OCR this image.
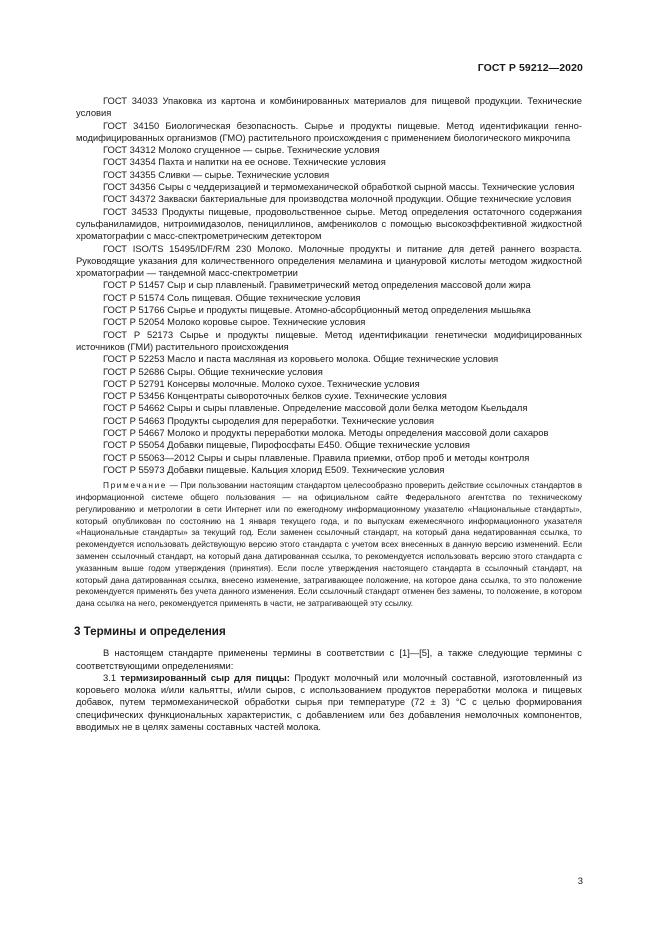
ГОСТ Р 59212—2020

ГОСТ 34033 Упаковка из картона и комбинированных материалов для пищевой продукции. Технические условия

ГОСТ 34150 Биологическая безопасность. Сырье и продукты пищевые. Метод идентификации генно-модифицированных организмов (ГМО) растительного происхождения с применением биологического микрочипа

ГОСТ 34312 Молоко сгущенное — сырье. Технические условия

ГОСТ 34354 Пахта и напитки на ее основе. Технические условия

ГОСТ 34355 Сливки — сырье. Технические условия

ГОСТ 34356 Сыры с чеддеризацией и термомеханической обработкой сырной массы. Технические условия

ГОСТ 34372 Закваски бактериальные для производства молочной продукции. Общие технические условия

ГОСТ 34533 Продукты пищевые, продовольственное сырье. Метод определения остаточного содержания сульфаниламидов, нитроимидазолов, пенициллинов, амфениколов с помощью высокоэффективной жидкостной хроматографии с масс-спектрометрическим детектором

ГОСТ ISO/TS 15495/IDF/RM 230 Молоко. Молочные продукты и питание для детей раннего возраста. Руководящие указания для количественного определения меламина и циануровой кислоты методом жидкостной хроматографии — тандемной масс-спектрометрии

ГОСТ Р 51457 Сыр и сыр плавленый. Гравиметрический метод определения массовой доли жира

ГОСТ Р 51574 Соль пищевая. Общие технические условия

ГОСТ Р 51766 Сырье и продукты пищевые. Атомно-абсорбционный метод определения мышьяка

ГОСТ Р 52054 Молоко коровье сырое. Технические условия

ГОСТ Р 52173 Сырье и продукты пищевые. Метод идентификации генетически модифицированных источников (ГМИ) растительного происхождения

ГОСТ Р 52253 Масло и паста масляная из коровьего молока. Общие технические условия

ГОСТ Р 52686 Сыры. Общие технические условия

ГОСТ Р 52791 Консервы молочные. Молоко сухое. Технические условия

ГОСТ Р 53456 Концентраты сывороточных белков сухие. Технические условия

ГОСТ Р 54662 Сыры и сыры плавленые. Определение массовой доли белка методом Кьельдаля

ГОСТ Р 54663 Продукты сыроделия для переработки. Технические условия

ГОСТ Р 54667 Молоко и продукты переработки молока. Методы определения массовой доли сахаров

ГОСТ Р 55054 Добавки пищевые, Пирофосфаты Е450. Общие технические условия

ГОСТ Р 55063—2012 Сыры и сыры плавленые. Правила приемки, отбор проб и методы контроля

ГОСТ Р 55973 Добавки пищевые. Кальция хлорид Е509. Технические условия

Примечание — При пользовании настоящим стандартом целесообразно проверить действие ссылочных стандартов в информационной системе общего пользования — на официальном сайте Федерального агентства по техническому регулированию и метрологии в сети Интернет или по ежегодному информационному указателю «Национальные стандарты», который опубликован по состоянию на 1 января текущего года, и по выпускам ежемесячного информационного указателя «Национальные стандарты» за текущий год. Если заменен ссылочный стандарт, на который дана недатированная ссылка, то рекомендуется использовать действующую версию этого стандарта с учетом всех внесенных в данную версию изменений. Если заменен ссылочный стандарт, на который дана датированная ссылка, то рекомендуется использовать версию этого стандарта с указанным выше годом утверждения (принятия). Если после утверждения настоящего стандарта в ссылочный стандарт, на который дана датированная ссылка, внесено изменение, затрагивающее положение, на которое дана ссылка, то это положение рекомендуется применять без учета данного изменения. Если ссылочный стандарт отменен без замены, то положение, в котором дана ссылка на него, рекомендуется применять в части, не затрагивающей эту ссылку.
3 Термины и определения

В настоящем стандарте применены термины в соответствии с [1]—[5], а также следующие термины с соответствующими определениями:

3.1 термизированный сыр для пиццы: Продукт молочный или молочный составной, изготовленный из коровьего молока и/или кальятты, и/или сыров, с использованием продуктов переработки молока и пищевых добавок, путем термомеханической обработки сырья при температуре (72 ± 3) °С с целью формирования специфических функциональных характеристик, с добавлением или без добавления немолочных компонентов, вводимых не в целях замены составных частей молока.

3
